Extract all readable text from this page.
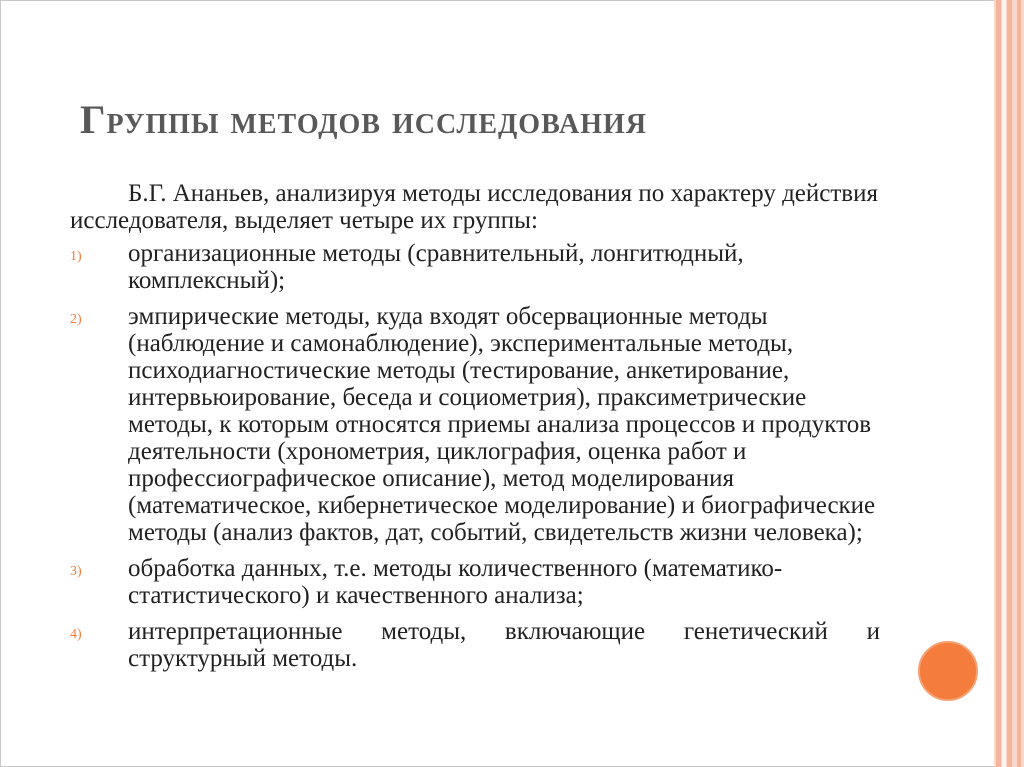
Группы методов исследования

Б.Г. Ананьев, анализируя методы исследования по характеру действия исследователя, выделяет четыре их группы:

1) организационные методы (сравнительный, лонгитюдный, комплексный);
2) эмпирические методы, куда входят обсервационные методы (наблюдение и самонаблюдение), экспериментальные методы, психодиагностические методы (тестирование, анкетирование, интервьюирование, беседа и социометрия), праксиметрические методы, к которым относятся приемы анализа процессов и продуктов деятельности (хронометрия, циклография, оценка работ и профессиографическое описание), метод моделирования (математическое, кибернетическое моделирование) и биографические методы (анализ фактов, дат, событий, свидетельств жизни человека);
3) обработка данных, т.е. методы количественного (математико-статистического) и качественного анализа;
4) интерпретационные методы, включающие генетический и структурный методы.
